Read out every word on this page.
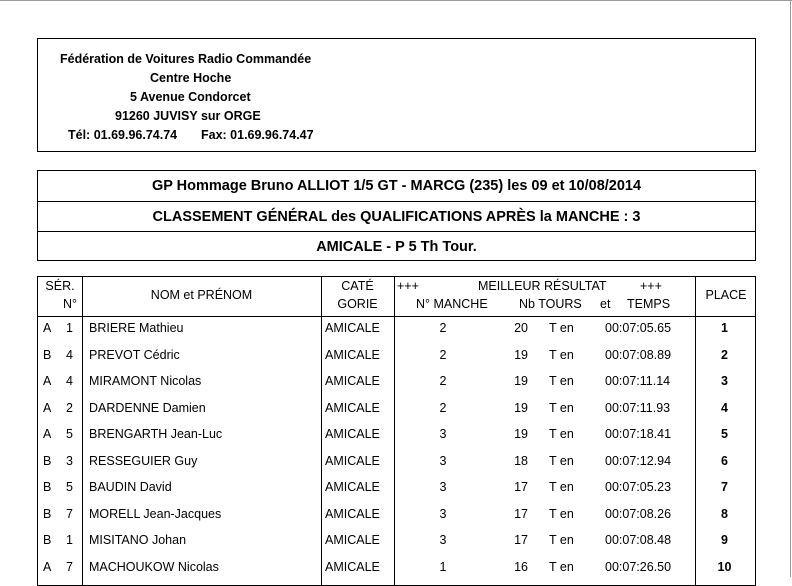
Fédération de Voitures Radio Commandée
Centre Hoche
5 Avenue Condorcet
91260 JUVISY sur ORGE
Tél: 01.69.96.74.74 Fax: 01.69.96.74.47
GP Hommage Bruno ALLIOT 1/5 GT - MARCG (235) les 09 et 10/08/2014
CLASSEMENT GÉNÉRAL des QUALIFICATIONS APRÈS la MANCHE : 3
AMICALE - P 5 Th Tour.
SÉR.
N°
NOM et PRÉNOM
CATÉ
GORIE
+++	MEILLEUR RÉSULTAT	+++
N° MANCHE	Nb TOURS et TEMPS
PLACE
A 1 BRIERE Mathieu	AMICALE	2	20 T en 00:07:05.65	1
B 4 PREVOT Cédric	AMICALE	2	19 T en 00:07:08.89	2
A 4 MIRAMONT Nicolas	AMICALE	2	19 T en 00:07:11.14	3
A 2 DARDENNE Damien	AMICALE	2	19 T en 00:07:11.93	4
A 5 BRENGARTH Jean-Luc	AMICALE	3	19 T en 00:07:18.41	5
B 3 RESSEGUIER Guy	AMICALE	3	18 T en 00:07:12.94	6
B 5 BAUDIN David	AMICALE	3	17 T en 00:07:05.23	7
B 7 MORELL Jean-Jacques	AMICALE	3	17 T en 00:07:08.26	8
B 1 MISITANO Johan	AMICALE	3	17 T en 00:07:08.48	9
A 7 MACHOUKOW Nicolas	AMICALE	1	16 T en 00:07:26.50	10
